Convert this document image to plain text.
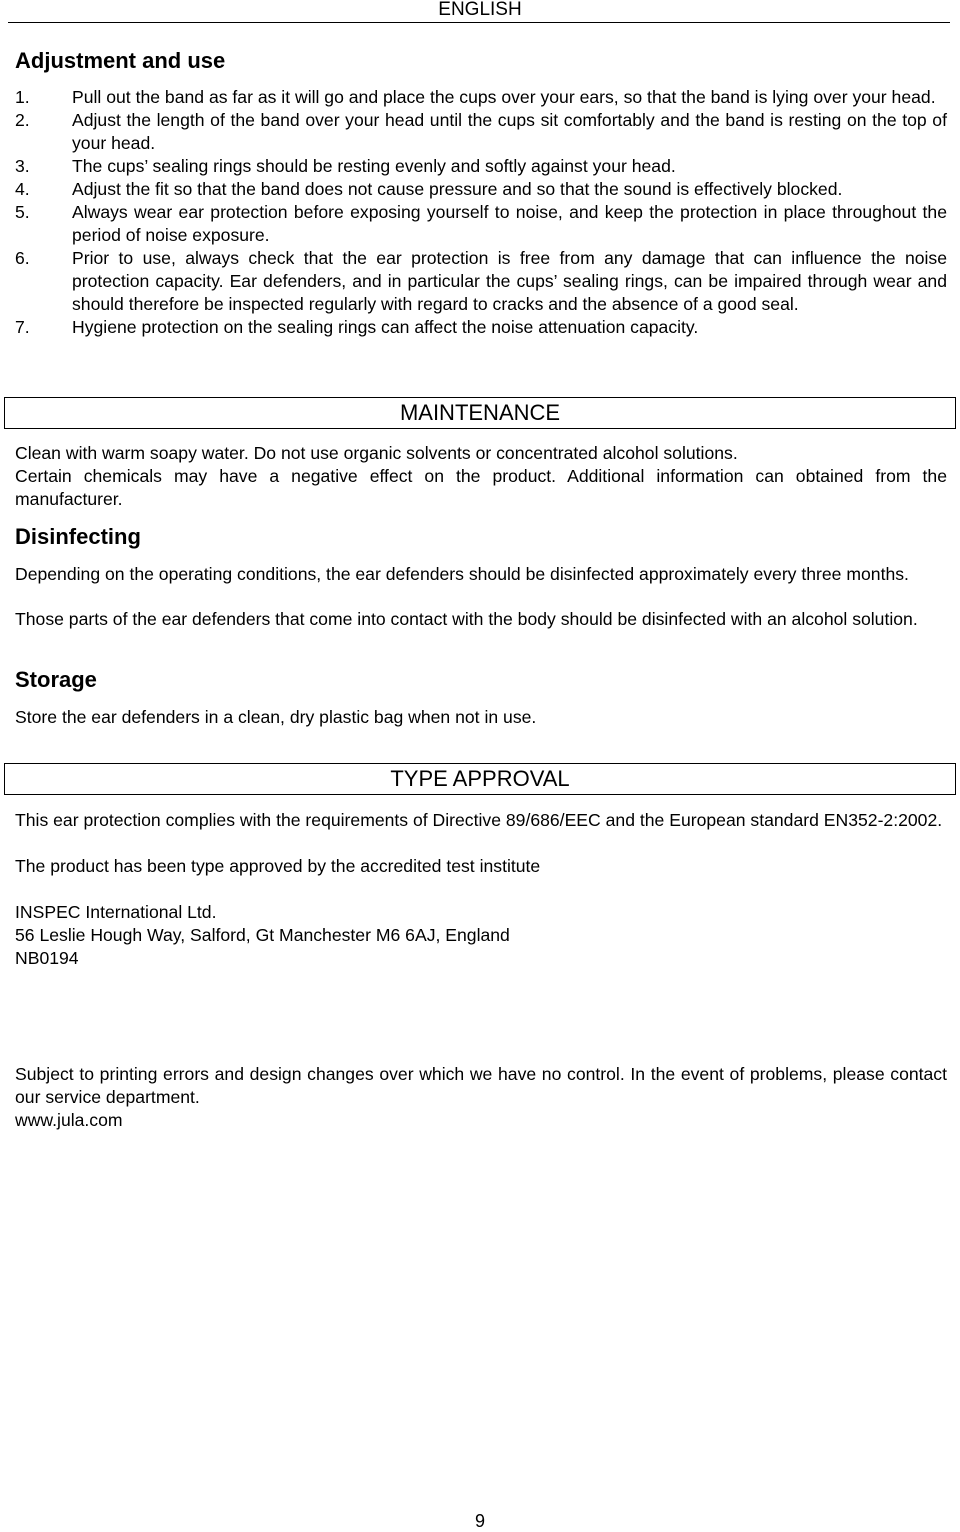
ENGLISH
Adjustment and use
1. Pull out the band as far as it will go and place the cups over your ears, so that the band is lying over your head.
2. Adjust the length of the band over your head until the cups sit comfortably and the band is resting on the top of your head.
3. The cups’ sealing rings should be resting evenly and softly against your head.
4. Adjust the fit so that the band does not cause pressure and so that the sound is effectively blocked.
5. Always wear ear protection before exposing yourself to noise, and keep the protection in place throughout the period of noise exposure.
6. Prior to use, always check that the ear protection is free from any damage that can influence the noise protection capacity. Ear defenders, and in particular the cups’ sealing rings, can be impaired through wear and should therefore be inspected regularly with regard to cracks and the absence of a good seal.
7. Hygiene protection on the sealing rings can affect the noise attenuation capacity.
MAINTENANCE
Clean with warm soapy water. Do not use organic solvents or concentrated alcohol solutions.
Certain chemicals may have a negative effect on the product. Additional information can obtained from the manufacturer.
Disinfecting
Depending on the operating conditions, the ear defenders should be disinfected approximately every three months.
Those parts of the ear defenders that come into contact with the body should be disinfected with an alcohol solution.
Storage
Store the ear defenders in a clean, dry plastic bag when not in use.
TYPE APPROVAL
This ear protection complies with the requirements of Directive 89/686/EEC and the European standard EN352-2:2002.
The product has been type approved by the accredited test institute
INSPEC International Ltd.
56 Leslie Hough Way, Salford, Gt Manchester M6 6AJ, England
NB0194
Subject to printing errors and design changes over which we have no control. In the event of problems, please contact our service department.
www.jula.com
9
